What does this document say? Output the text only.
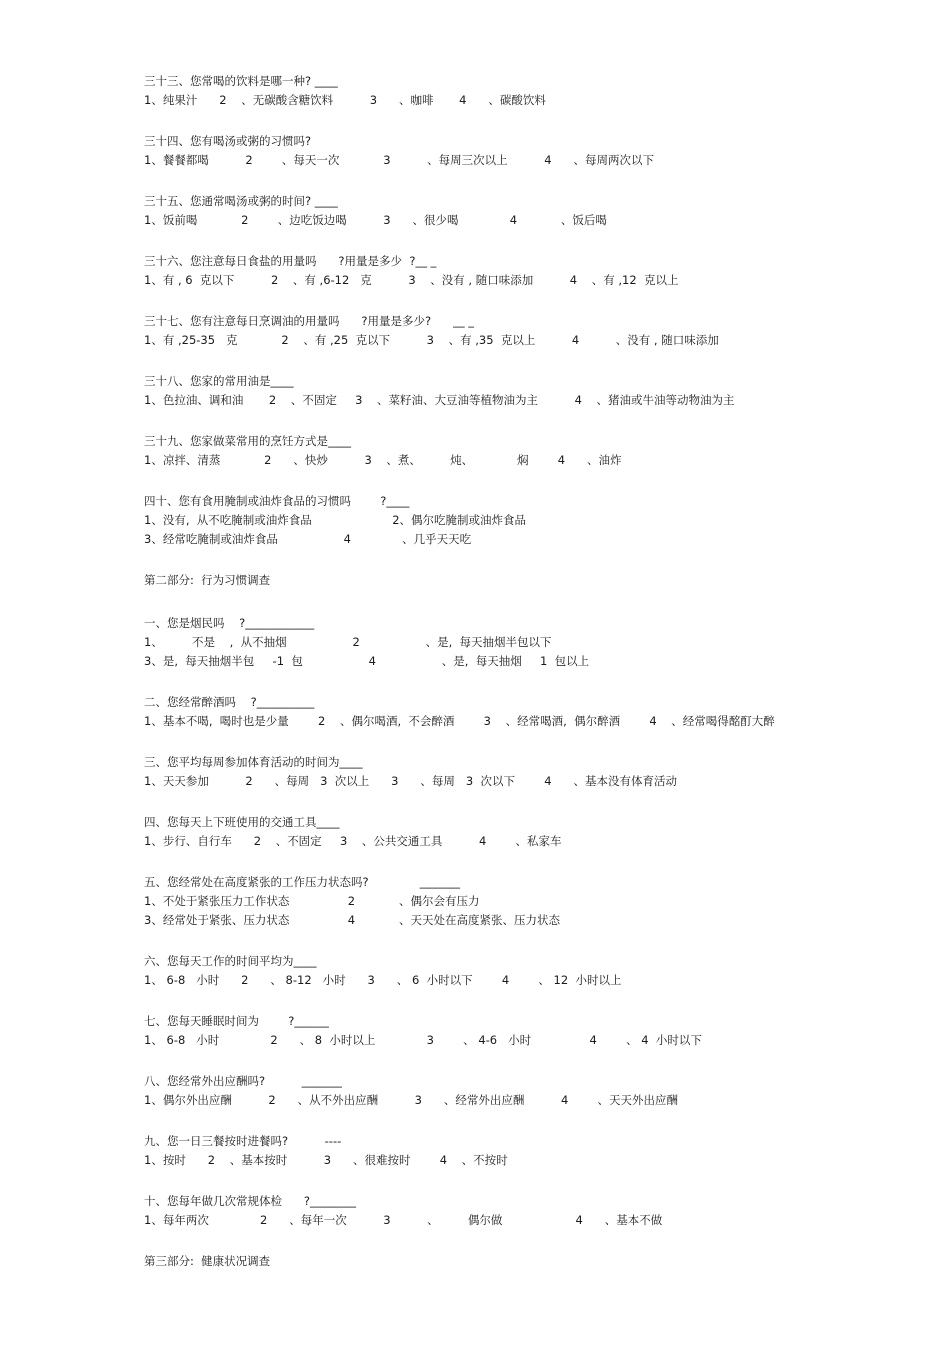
三十三、您常喝的饮料是哪一种? ____
1、纯果汁      2    、无碳酸含糖饮料          3      、咖啡       4      、碳酸饮料
三十四、您有喝汤或粥的习惯吗?
1、餐餐都喝          2        、每天一次            3          、每周三次以上          4      、每周两次以下
三十五、您通常喝汤或粥的时间? ____
1、饭前喝            2        、边吃饭边喝          3      、很少喝              4            、饭后喝
三十六、您注意每日食盐的用量吗      ?用量是多少  ?__ _
1、有 , 6  克以下          2    、有 ,6-12   克          3    、没有 , 随口味添加          4    、有 ,12  克以上
三十七、您有注意每日烹调油的用量吗      ?用量是多少?      __ _
1、有 ,25-35   克            2    、有 ,25  克以下          3    、有 ,35  克以上          4          、没有 , 随口味添加
三十八、您家的常用油是____
1、色拉油、调和油       2    、不固定     3    、菜籽油、大豆油等植物油为主          4    、猪油或牛油等动物油为主
三十九、您家做菜常用的烹饪方式是____
1、凉拌、清蒸            2      、快炒          3    、煮、        炖、            焖        4      、油炸
四十、您有食用腌制或油炸食品的习惯吗        ?____
1、没有,  从不吃腌制或油炸食品                      2、偶尔吃腌制或油炸食品
3、经常吃腌制或油炸食品                  4              、几乎天天吃
第二部分:  行为习惯调查
一、您是烟民吗    ?____________
1、        不是    ,  从不抽烟                  2                  、是,  每天抽烟半包以下
3、是,  每天抽烟半包     -1  包                  4                  、是,  每天抽烟     1  包以上
二、您经常醉酒吗    ?__________
1、基本不喝,  喝时也是少量        2    、偶尔喝酒,  不会醉酒        3    、经常喝酒,  偶尔醉酒        4    、经常喝得酩酊大醉
三、您平均每周参加体育活动的时间为____
1、天天参加          2      、每周   3  次以上      3      、每周   3  次以下        4      、基本没有体育活动
四、您每天上下班使用的交通工具____
1、步行、自行车      2    、不固定     3    、公共交通工具          4        、私家车
五、您经常处在高度紧张的工作压力状态吗?              _______
1、不处于紧张压力工作状态                2            、偶尔会有压力
3、经常处于紧张、压力状态                4            、天天处在高度紧张、压力状态
六、您每天工作的时间平均为____
1、 6-8   小时      2      、 8-12   小时      3      、 6  小时以下        4        、 12  小时以上
七、您每天睡眠时间为        ?______
1、 6-8   小时              2      、 8  小时以上              3        、 4-6   小时                4        、 4  小时以下
八、您经常外出应酬吗?          _______
1、偶尔外出应酬          2      、从不外出应酬          3      、经常外出应酬          4        、天天外出应酬
九、您一日三餐按时进餐吗?          ----
1、按时      2    、基本按时          3      、很难按时        4    、不按时
十、您每年做几次常规体检      ?________
1、每年两次              2      、每年一次          3          、        偶尔做                    4      、基本不做
第三部分:  健康状况调查
